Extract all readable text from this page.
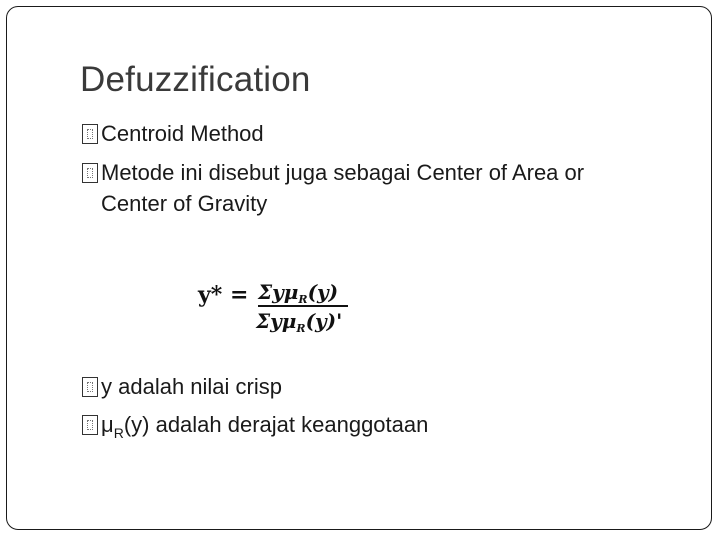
Defuzzification
Centroid Method
Metode ini disebut juga sebagai Center of Area or
Center of Gravity
y* = Σyμ$_R$(y)
Σyμ$_R$(y)'
y adalah nilai crisp
$\mu_R(y)$ adalah derajat keanggotaan
